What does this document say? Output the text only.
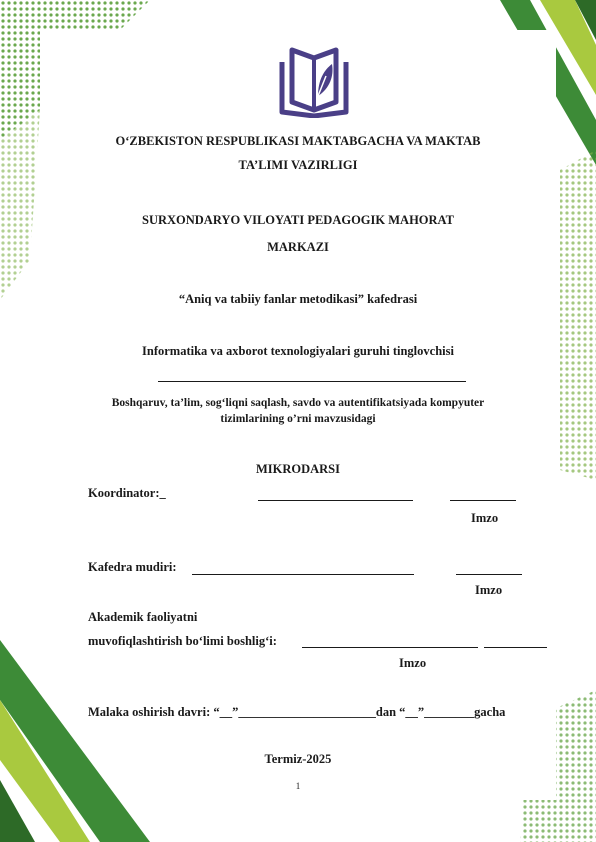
O‘ZBEKISTON RESPUBLIKASI MAKTABGACHA VA MAKTAB
TA’LIMI VAZIRLIGI
SURXONDARYO VILOYATI PEDAGOGIK MAHORAT
MARKAZI
“Aniq va tabiiy fanlar metodikasi” kafedrasi
Informatika va axborot texnologiyalari guruhi tinglovchisi
Boshqaruv, ta’lim, sog‘liqni saqlash, savdo va autentifikatsiyada kompyuter
tizimlarining o’rni mavzusidagi
MIKRODARSI
Koordinator:_
Imzo
Kafedra mudiri:
Imzo
Akademik faoliyatni
muvofiqlashtirish bo‘limi boshlig‘i:
Imzo
Malaka oshirish davri: “__”______________________dan “__”________gacha
Termiz-2025
1
